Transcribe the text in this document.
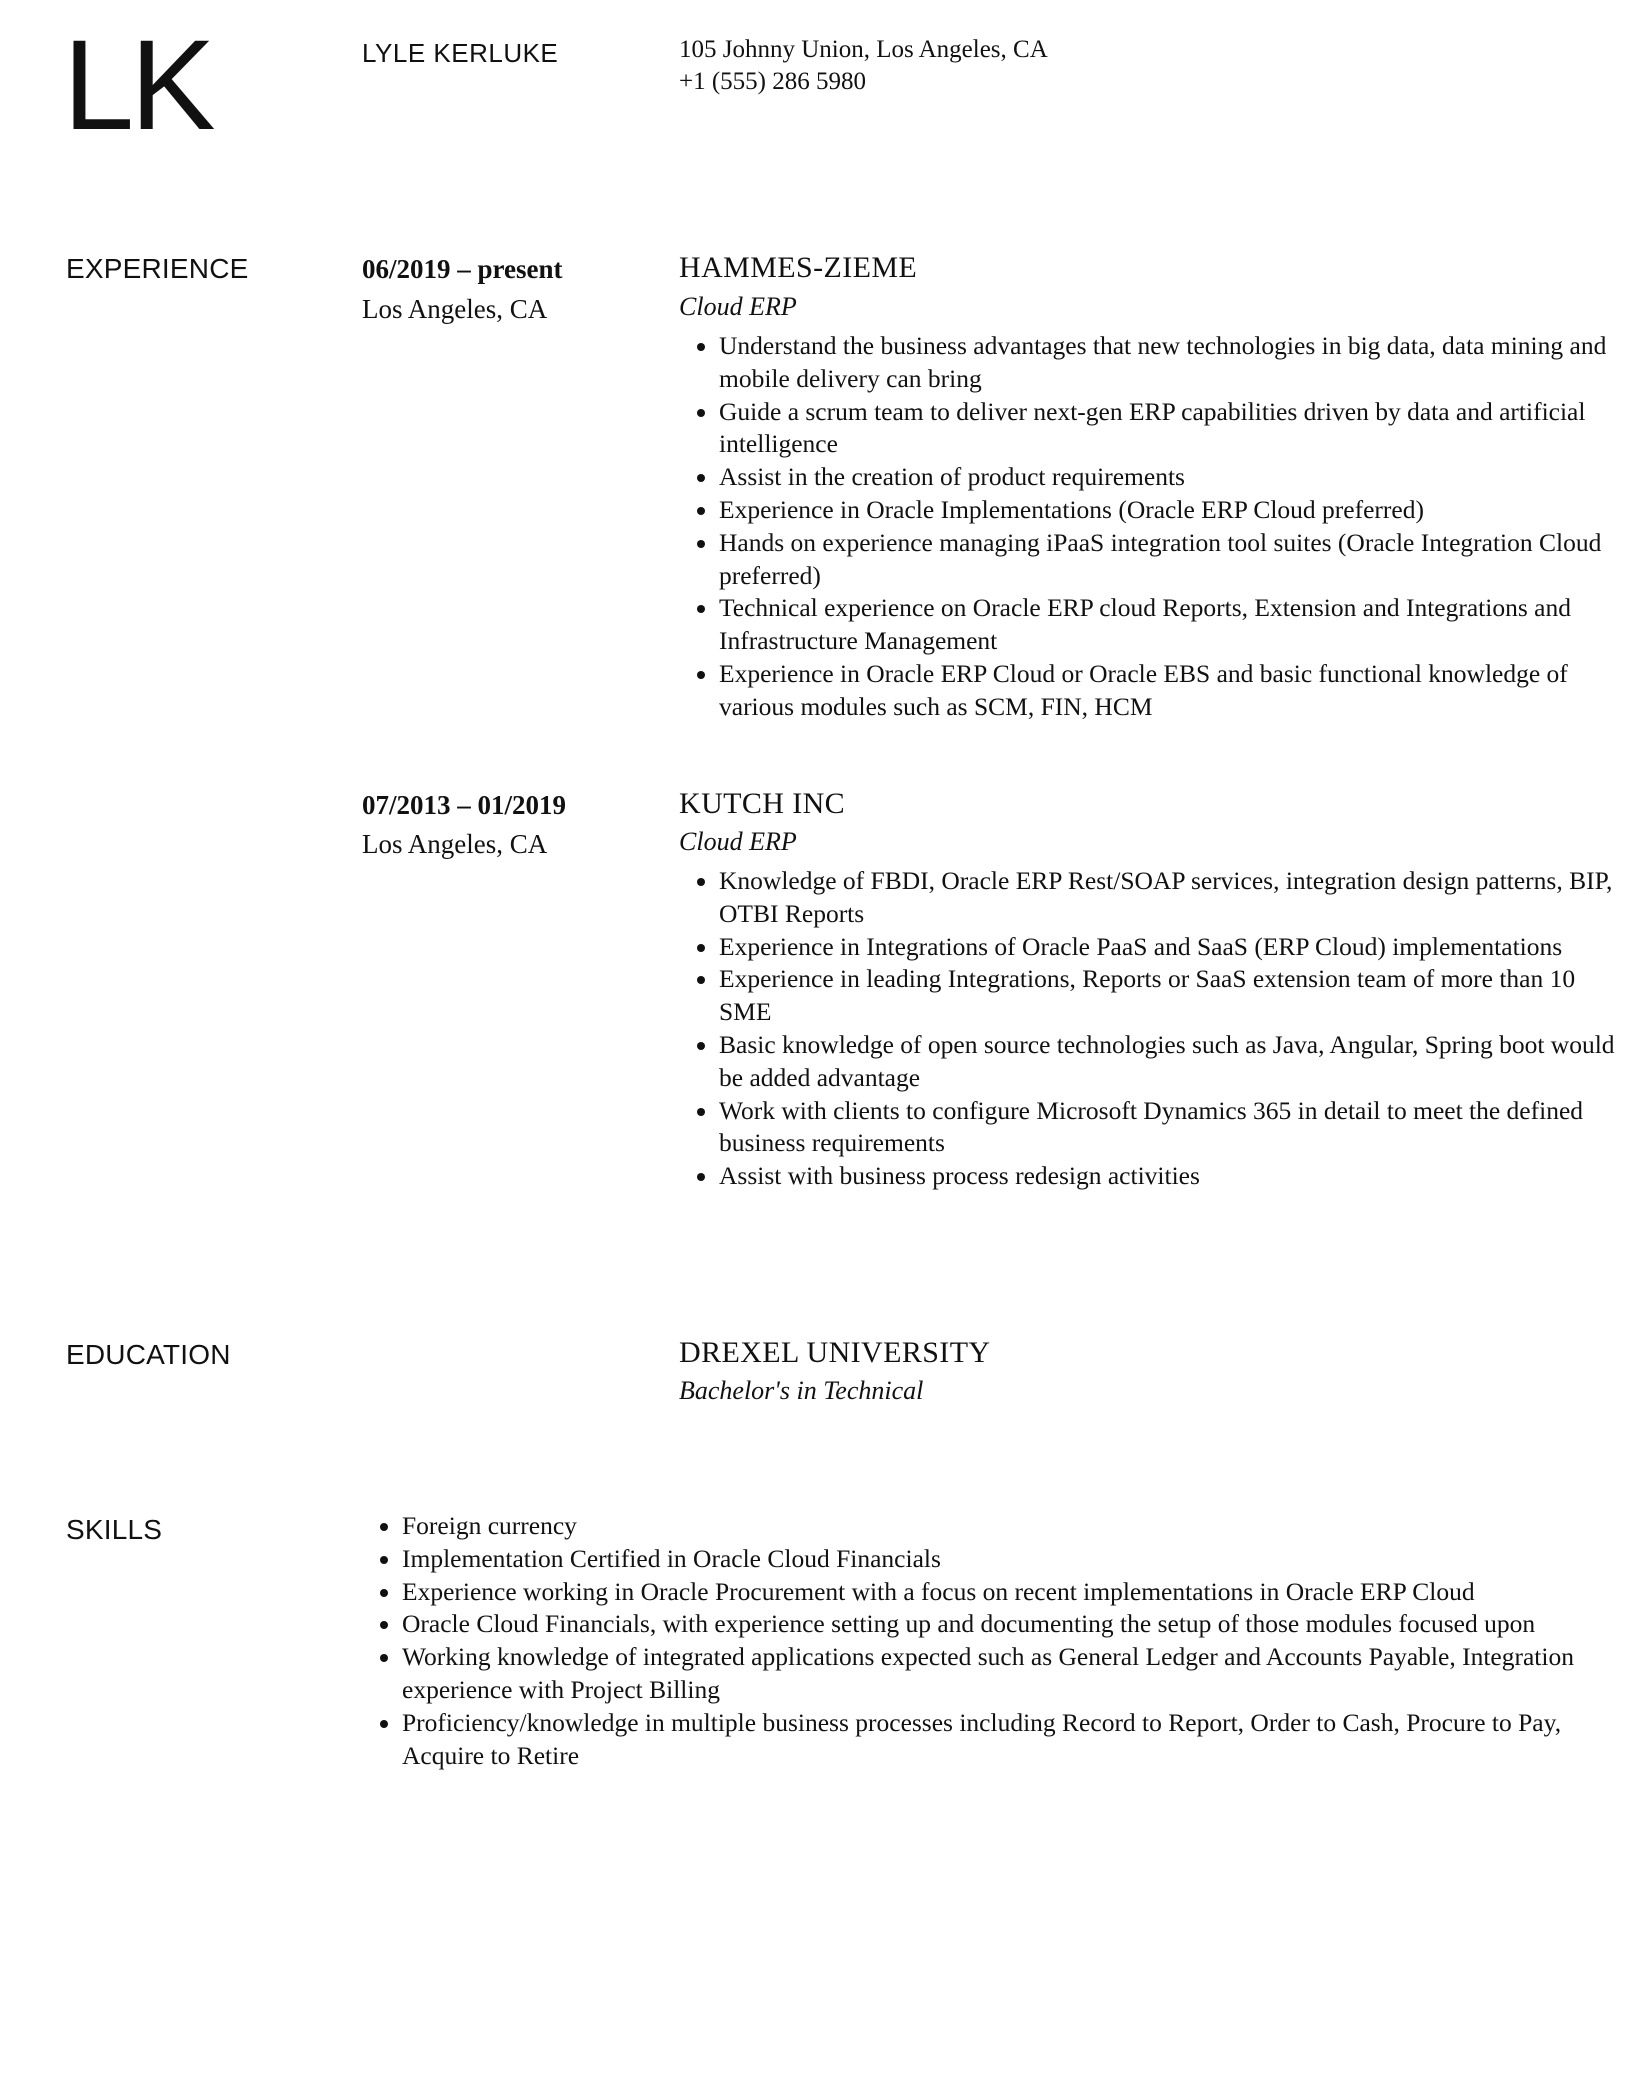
LK	LYLE KERLUKE	105 Johnny Union, Los Angeles, CA
+1 (555) 286 5980
EXPERIENCE	06/2019 – present
Los Angeles, CA
HAMMES-ZIEME
Cloud ERP
• Understand the business advantages that new technologies in big data, data mining and mobile delivery can bring
• Guide a scrum team to deliver next-gen ERP capabilities driven by data and artificial intelligence
• Assist in the creation of product requirements
• Experience in Oracle Implementations (Oracle ERP Cloud preferred)
• Hands on experience managing iPaaS integration tool suites (Oracle Integration Cloud preferred)
• Technical experience on Oracle ERP cloud Reports, Extension and Integrations and Infrastructure Management
• Experience in Oracle ERP Cloud or Oracle EBS and basic functional knowledge of various modules such as SCM, FIN, HCM
07/2013 – 01/2019
Los Angeles, CA
KUTCH INC
Cloud ERP
• Knowledge of FBDI, Oracle ERP Rest/SOAP services, integration design patterns, BIP, OTBI Reports
• Experience in Integrations of Oracle PaaS and SaaS (ERP Cloud) implementations
• Experience in leading Integrations, Reports or SaaS extension team of more than 10 SME
• Basic knowledge of open source technologies such as Java, Angular, Spring boot would be added advantage
• Work with clients to configure Microsoft Dynamics 365 in detail to meet the defined business requirements
• Assist with business process redesign activities
EDUCATION	DREXEL UNIVERSITY
Bachelor's in Technical
SKILLS
•	Foreign currency
• Implementation Certified in Oracle Cloud Financials
• Experience working in Oracle Procurement with a focus on recent implementations in Oracle ERP Cloud
• Oracle Cloud Financials, with experience setting up and documenting the setup of those modules focused upon
• Working knowledge of integrated applications expected such as General Ledger and Accounts Payable, Integration experience with Project Billing
• Proficiency/knowledge in multiple business processes including Record to Report, Order to Cash, Procure to Pay, Acquire to Retire
